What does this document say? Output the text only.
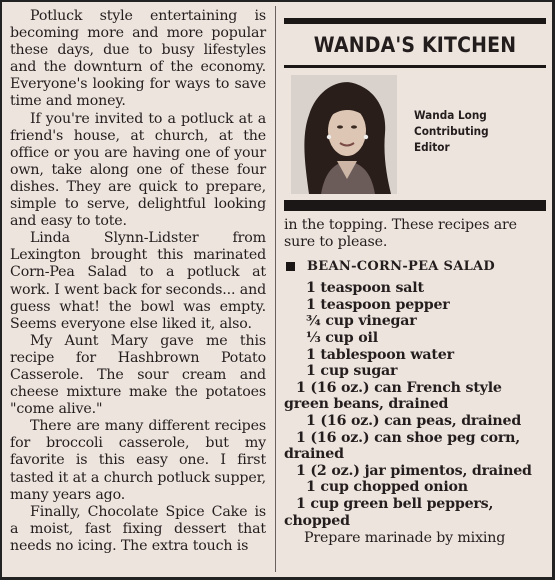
Potluck style entertaining is becoming more and more popular these days, due to busy lifestyles and the downturn of the economy. Everyone's looking for ways to save time and money.

If you're invited to a potluck at a friend's house, at church, at the office or you are having one of your own, take along one of these four dishes. They are quick to prepare, simple to serve, delightful looking and easy to tote.

Linda Slynn-Lidster from Lexington brought this marinated Corn-Pea Salad to a potluck at work. I went back for seconds... and guess what! the bowl was empty. Seems everyone else liked it, also.

My Aunt Mary gave me this recipe for Hashbrown Potato Casserole. The sour cream and cheese mixture make the potatoes "come alive."

There are many different recipes for broccoli casserole, but my favorite is this easy one. I first tasted it at a church potluck supper, many years ago.

Finally, Chocolate Spice Cake is a moist, fast fixing dessert that needs no icing. The extra touch is

WANDA'S KITCHEN
Wanda Long
Contributing
Editor

in the topping. These recipes are sure to please.

BEAN-CORN-PEA SALAD
1 teaspoon salt
1 teaspoon pepper
¾ cup vinegar
⅓ cup oil
1 tablespoon water
1 cup sugar
1 (16 oz.) can French style green beans, drained
1 (16 oz.) can peas, drained
1 (16 oz.) can shoe peg corn, drained
1 (2 oz.) jar pimentos, drained
1 cup chopped onion
1 cup green bell peppers, chopped

Prepare marinade by mixing
